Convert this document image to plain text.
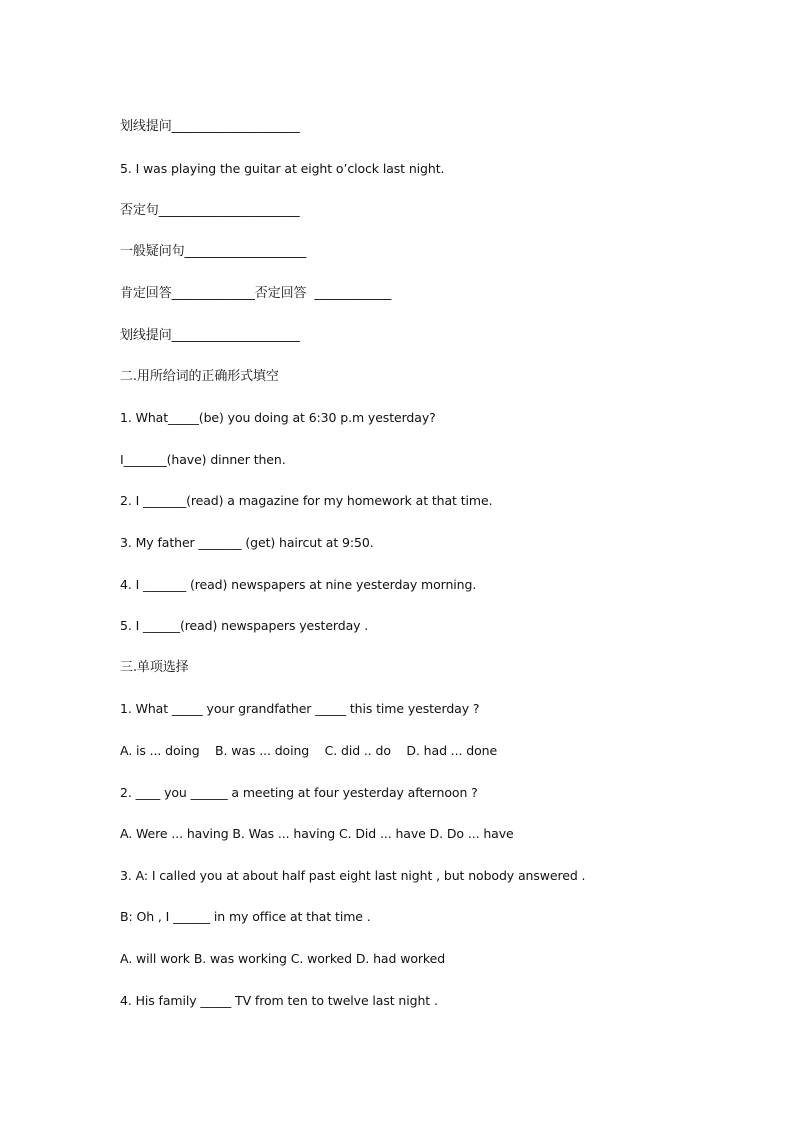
划线提问____________________
5. I was playing the guitar at eight o’clock last night.
否定句______________________
一般疑问句___________________
肯定回答_____________否定回答  ____________
划线提问____________________
二.用所给词的正确形式填空
1. What_____(be) you doing at 6:30 p.m yesterday?
I_______(have) dinner then.
2. I _______(read) a magazine for my homework at that time.
3. My father _______ (get) haircut at 9:50.
4. I _______ (read) newspapers at nine yesterday morning.
5. I ______(read) newspapers yesterday .
三.单项选择
1. What _____ your grandfather _____ this time yesterday ?
A. is ... doing    B. was ... doing    C. did .. do    D. had ... done
2. ____ you ______ a meeting at four yesterday afternoon ?
A. Were ... having B. Was ... having C. Did ... have D. Do ... have
3. A: I called you at about half past eight last night , but nobody answered .
B: Oh , I ______ in my office at that time .
A. will work B. was working C. worked D. had worked
4. His family _____ TV from ten to twelve last night .
